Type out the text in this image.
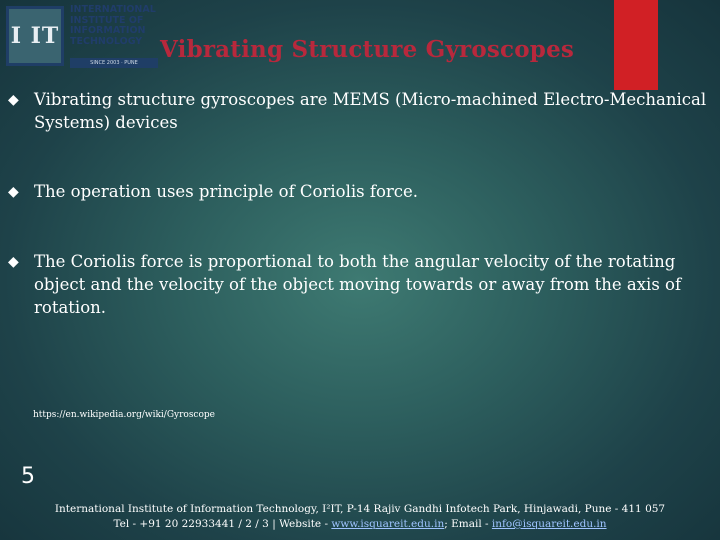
I IT
INTERNATIONAL
INSTITUTE OF
INFORMATION
TECHNOLOGY
SINCE 2003 · PUNE Vibrating Structure Gyroscopes
◆ Vibrating structure gyroscopes are MEMS (Micro-machined Electro-Mechanical Systems) devices
◆ The operation uses principle of Coriolis force.
◆ The Coriolis force is proportional to both the angular velocity of the rotating object and the velocity of the object moving towards or away from the axis of rotation.
https://en.wikipedia.org/wiki/Gyroscope
5
International Institute of Information Technology, I²IT, P-14 Rajiv Gandhi Infotech Park, Hinjawadi, Pune - 411 057
Tel - +91 20 22933441 / 2 / 3 | Website - www.isquareit.edu.in; Email - info@isquareit.edu.in
